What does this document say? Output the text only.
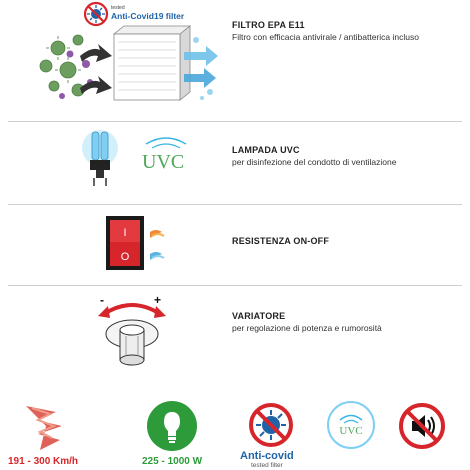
tested
Anti-Covid19 filter
FILTRO EPA E11
Filtro con efficacia antivirale / antibatterica incluso
UVC
LAMPADA UVC
per disinfezione del condotto di ventilazione
I
O
RESISTENZA ON-OFF
-	+
VARIATORE
per regolazione di potenza e rumorosità
191 - 300 Km/h	225 - 1000 W	Anti-covid
tested filter
UVC
